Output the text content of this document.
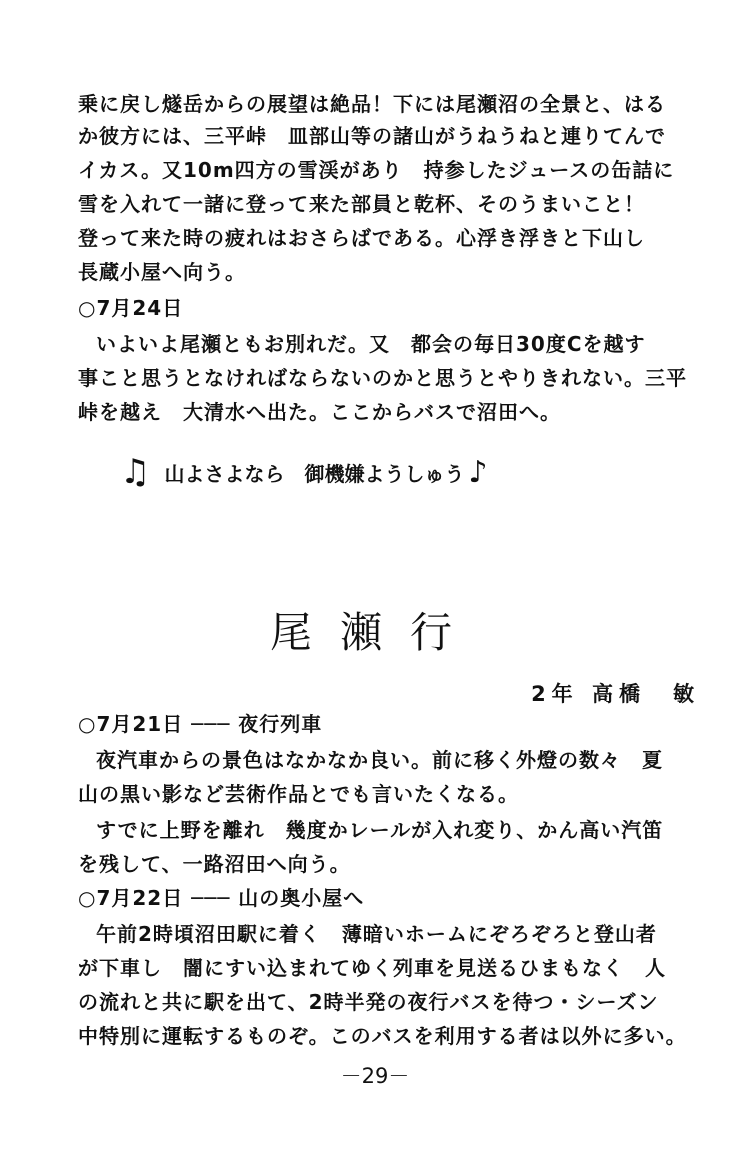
乗に戻し燧岳からの展望は絶品！下には尾瀬沼の全景と、はる
か彼方には、三平峠　皿部山等の諸山がうねうねと連りてんで
イカス。又10m四方の雪渓があり　持参したジュースの缶詰に
雪を入れて一諸に登って来た部員と乾杯、そのうまいこと！
登って来た時の疲れはおさらばである。心浮き浮きと下山し
長蔵小屋へ向う。
○7月24日
いよいよ尾瀬ともお別れだ。又　都会の毎日30度Cを越す
事こと思うとなければならないのかと思うとやりきれない。三平
峠を越え　大清水へ出た。ここからバスで沼田へ。
♫ 山よさよなら　御機嫌ようしゅう ♪
尾瀬行
2年 高橋　敏
○7月21日 ─── 夜行列車
夜汽車からの景色はなかなか良い。前に移く外燈の数々　夏
山の黒い影など芸術作品とでも言いたくなる。
すでに上野を離れ　幾度かレールが入れ変り、かん高い汽笛
を残して、一路沼田へ向う。
○7月22日 ─── 山の奥小屋へ
午前2時頃沼田駅に着く　薄暗いホームにぞろぞろと登山者
が下車し　闇にすい込まれてゆく列車を見送るひまもなく　人
の流れと共に駅を出て、2時半発の夜行バスを待つ・シーズン
中特別に運転するものぞ。このバスを利用する者は以外に多い。
－29－
